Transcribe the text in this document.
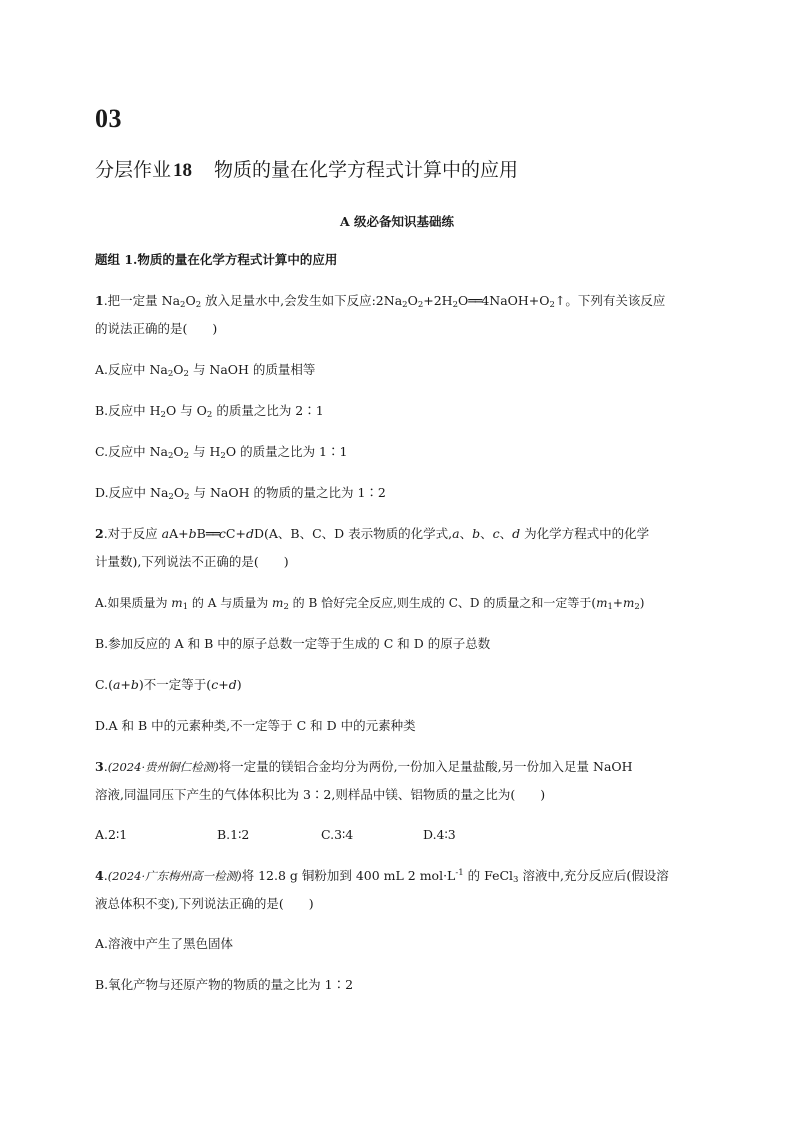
03
分层作业 18 物质的量在化学方程式计算中的应用
A 级必备知识基础练
题组 1.物质的量在化学方程式计算中的应用
1.把一定量 $Na_2O_2$ 放入足量水中,会发生如下反应$:2Na_2O_2+2H_2O══4NaOH+O_2↑$。下列有关该反应
的说法正确的是(　　)
A.反应中 $Na_2O_2$ 与 NaOH 的质量相等
B.反应中 $H_2O$ 与 $O_2$ 的质量之比为 2∶1
C.反应中 $Na_2O_2$ 与 $H_2O$ 的质量之比为 1∶1
D.反应中 $Na_2O_2$ 与 NaOH 的物质的量之比为 1∶2
2.对于反应 aA+bB══cC+dD(A、B、C、D 表示物质的化学式,a、b、c、d 为化学方程式中的化学
计量数),下列说法不正确的是(　　)
A.如果质量为 $m_1$ 的 A 与质量为 $m_2$ 的 B 恰好完全反应,则生成的 C、D 的质量之和一定等于$(m_1+m_2)$
B.参加反应的 A 和 B 中的原子总数一定等于生成的 C 和 D 的原子总数
C.(a+b)不一定等于(c+d)
D.A 和 B 中的元素种类,不一定等于 C 和 D 中的元素种类
3.(2024·贵州铜仁检测)将一定量的镁铝合金均分为两份,一份加入足量盐酸,另一份加入足量 NaOH
溶液,同温同压下产生的气体体积比为 3∶2,则样品中镁、铝物质的量之比为(　　)
A.2∶1	B.1∶2	C.3∶4	D.4∶3
4.(2024·广东梅州高一检测)将 12.8 g 铜粉加到 400 mL 2 $mol\cdot L^{-1}$ 的 FeCl$_3$ 溶液中,充分反应后(假设溶
液总体积不变),下列说法正确的是(　　)
A.溶液中产生了黑色固体
B.氧化产物与还原产物的物质的量之比为 1∶2
